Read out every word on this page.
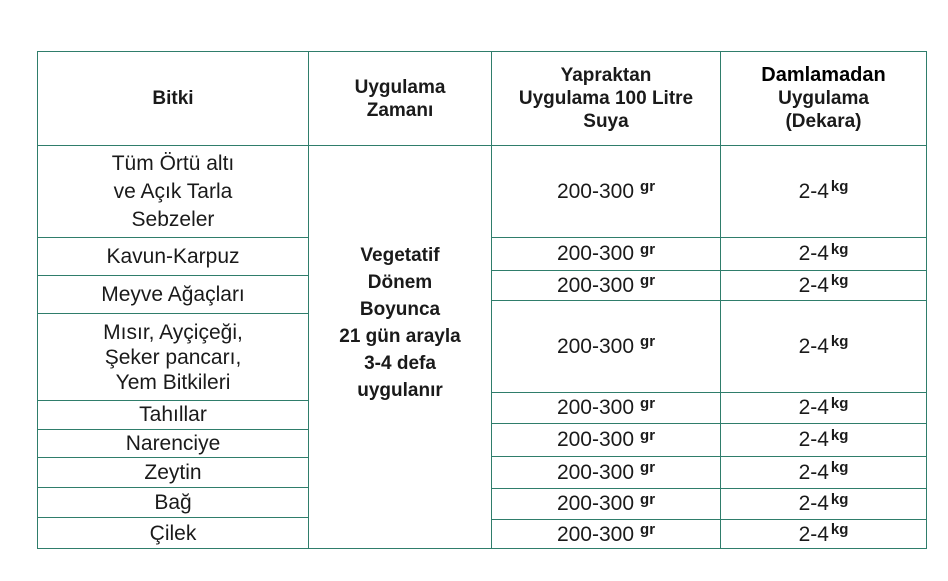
Bitki
Uygulama
Zamanı
Yapraktan
Uygulama 100 Litre
Suya
Damlamadan
Uygulama
(Dekara)
Vegetatif
Dönem
Boyunca
21 gün arayla
3-4 defa
uygulanır
Tüm Örtü altı
ve Açık Tarla
Sebzeler
Kavun-Karpuz
Meyve Ağaçları
Mısır, Ayçiçeği,
Şeker pancarı,
Yem Bitkileri
Tahıllar
Narenciye
Zeytin
Bağ
Çilek
200-300 gr
200-300 gr
200-300 gr
200-300 gr
200-300 gr
200-300 gr
200-300 gr
200-300 gr
200-300 gr
2-4 kg
2-4 kg
2-4 kg
2-4 kg
2-4 kg
2-4 kg
2-4 kg
2-4 kg
2-4 kg
